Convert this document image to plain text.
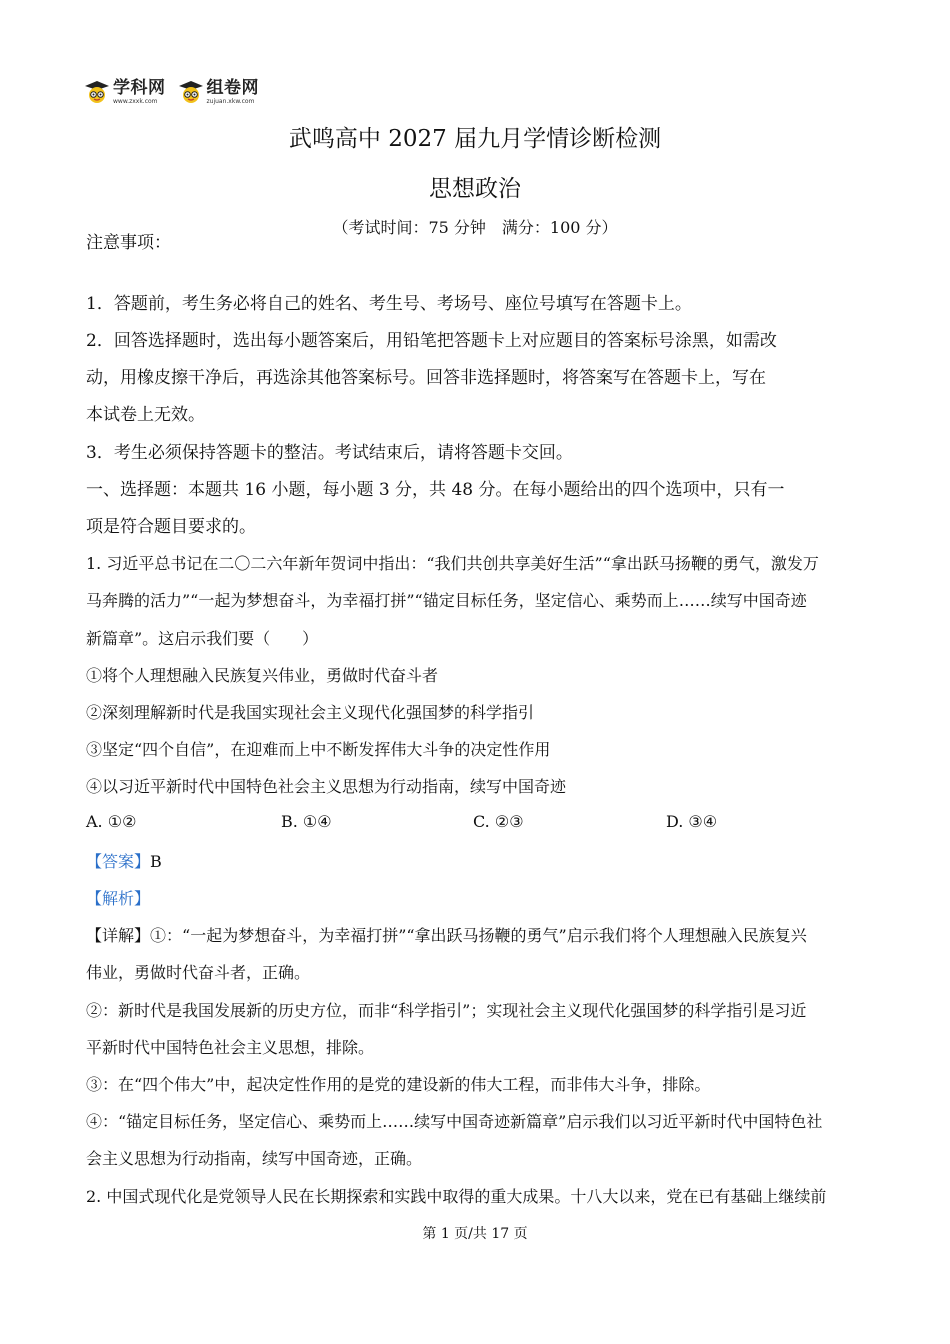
学科网
www.zxxk.com
组卷网
zujuan.xkw.com
武鸣高中 2027 届九月学情诊断检测
思想政治
（考试时间：75 分钟　满分：100 分）
注意事项：
1．答题前，考生务必将自己的姓名、考生号、考场号、座位号填写在答题卡上。
2．回答选择题时，选出每小题答案后，用铅笔把答题卡上对应题目的答案标号涂黑，如需改
动，用橡皮擦干净后，再选涂其他答案标号。回答非选择题时，将答案写在答题卡上，写在
本试卷上无效。
3．考生必须保持答题卡的整洁。考试结束后，请将答题卡交回。
一、选择题：本题共 16 小题，每小题 3 分，共 48 分。在每小题给出的四个选项中，只有一
项是符合题目要求的。
1. 习近平总书记在二〇二六年新年贺词中指出：“我们共创共享美好生活”“拿出跃马扬鞭的勇气，激发万
马奔腾的活力”“一起为梦想奋斗，为幸福打拼”“锚定目标任务，坚定信心、乘势而上……续写中国奇迹
新篇章”。这启示我们要（　　）
①将个人理想融入民族复兴伟业，勇做时代奋斗者
②深刻理解新时代是我国实现社会主义现代化强国梦的科学指引
③坚定“四个自信”，在迎难而上中不断发挥伟大斗争的决定性作用
④以习近平新时代中国特色社会主义思想为行动指南，续写中国奇迹
A. ①②	B. ①④	C. ②③	D. ③④
【答案】B
【解析】
【详解】①：“一起为梦想奋斗，为幸福打拼”“拿出跃马扬鞭的勇气”启示我们将个人理想融入民族复兴
伟业，勇做时代奋斗者，正确。
②：新时代是我国发展新的历史方位，而非“科学指引”；实现社会主义现代化强国梦的科学指引是习近
平新时代中国特色社会主义思想，排除。
③：在“四个伟大”中，起决定性作用的是党的建设新的伟大工程，而非伟大斗争，排除。
④：“锚定目标任务，坚定信心、乘势而上……续写中国奇迹新篇章”启示我们以习近平新时代中国特色社
会主义思想为行动指南，续写中国奇迹，正确。
2. 中国式现代化是党领导人民在长期探索和实践中取得的重大成果。十八大以来，党在已有基础上继续前
第 1 页/共 17 页
